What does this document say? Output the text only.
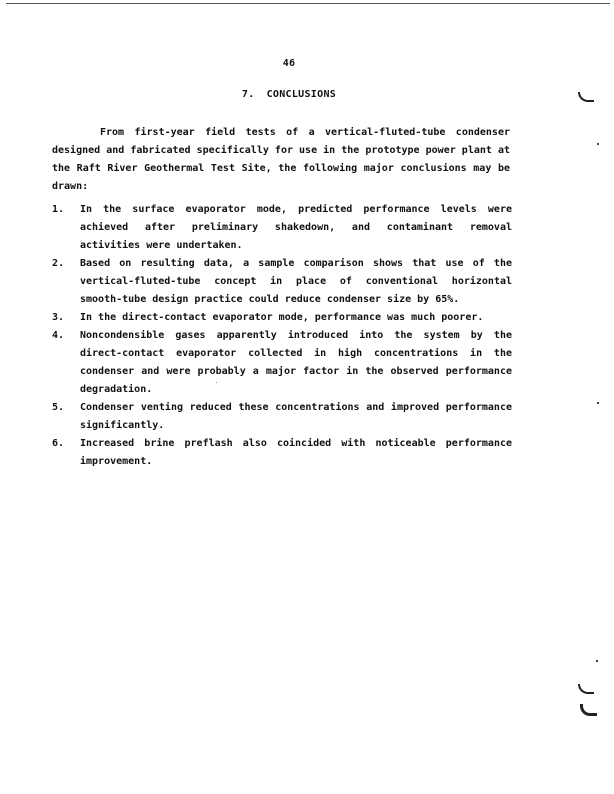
46
7. CONCLUSIONS

From first-year field tests of a vertical-fluted-tube condenser designed and fabricated specifically for use in the prototype power plant at the Raft River Geothermal Test Site, the following major conclusions may be drawn:

1.	In the surface evaporator mode, predicted performance levels were achieved after preliminary shakedown, and contaminant removal activities were undertaken.
2.	Based on resulting data, a sample comparison shows that use of the vertical-fluted-tube concept in place of conventional horizontal smooth-tube design practice could reduce condenser size by 65%.
3.	In the direct-contact evaporator mode, performance was much poorer.
4.	Noncondensible gases apparently introduced into the system by the direct-contact evaporator collected in high concentrations in the condenser and were probably a major factor in the observed performance degradation.
5.	Condenser venting reduced these concentrations and improved performance significantly.
6.	Increased brine preflash also coincided with noticeable performance improvement.
